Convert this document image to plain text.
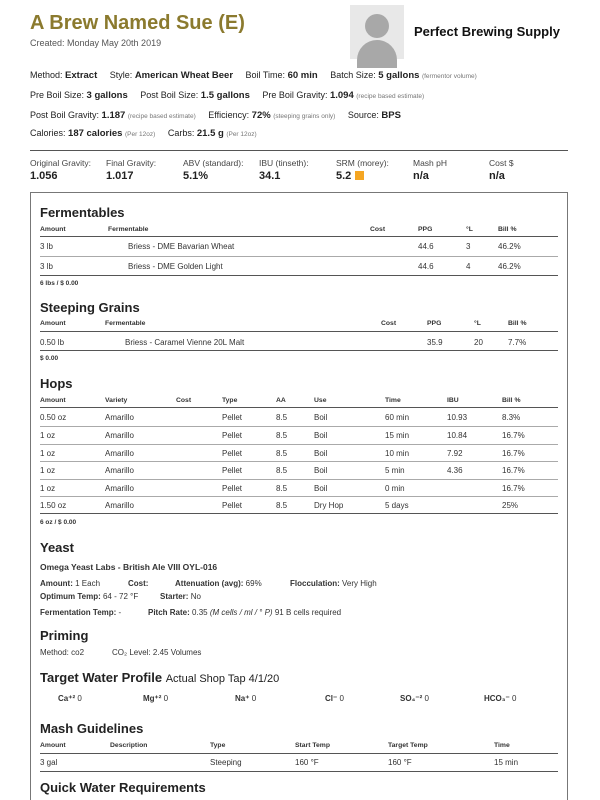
A Brew Named Sue (E)
Created: Monday May 20th 2019
Perfect Brewing Supply
Method: Extract Style: American Wheat Beer Boil Time: 60 min Batch Size: 5 gallons (fermentor volume)
Pre Boil Size: 3 gallons Post Boil Size: 1.5 gallons Pre Boil Gravity: 1.094 (recipe based estimate)
Post Boil Gravity: 1.187 (recipe based estimate) Efficiency: 72% (steeping grains only) Source: BPS
Calories: 187 calories (Per 12oz) Carbs: 21.5 g (Per 12oz)
Original Gravity:
1.056
Final Gravity:
1.017
ABV (standard):
5.1%
IBU (tinseth):
34.1
SRM (morey):
5.2
Mash pH
n/a
Cost $
n/a
Fermentables
Amount	Fermentable	Cost	PPG	°L	Bill %
3 lb	Briess - DME Bavarian Wheat	44.6	3	46.2%
3 lb	Briess - DME Golden Light	44.6	4	46.2%
6 lbs / $ 0.00
Steeping Grains
Amount	Fermentable	Cost	PPG	°L	Bill %
0.50 lb	Briess - Caramel Vienne 20L Malt	35.9	20	7.7%
$ 0.00
Hops
Amount	Variety	Cost	Type	AA	Use	Time	IBU	Bill %
0.50 oz	Amarillo	Pellet	8.5	Boil	60 min	10.93	8.3%
1 oz	Amarillo	Pellet	8.5	Boil	15 min	10.84	16.7%
1 oz	Amarillo	Pellet	8.5	Boil	10 min	7.92	16.7%
1 oz	Amarillo	Pellet	8.5	Boil	5 min	4.36	16.7%
1 oz	Amarillo	Pellet	8.5	Boil	0 min	16.7%
1.50 oz	Amarillo	Pellet	8.5	Dry Hop	5 days	25%
6 oz / $ 0.00
Yeast
Omega Yeast Labs - British Ale VIII OYL-016
Amount: 1 Each	Cost:	Attenuation (avg): 69%	Flocculation: Very High
Optimum Temp: 64 - 72 °F	Starter: No
Fermentation Temp: -	Pitch Rate: 0.35 (M cells / ml / ° P) 91 B cells required
Priming
Method: co2	CO₂ Level: 2.45 Volumes
Target Water Profile Actual Shop Tap 4/1/20
Ca⁺² 0	Mg⁺² 0	Na⁺ 0	Cl⁻ 0	SO₄⁻² 0	HCO₃⁻ 0
Mash Guidelines
Amount	Description	Type	Start Temp	Target Temp	Time
3 gal	Steeping	160 °F	160 °F	15 min
Quick Water Requirements
